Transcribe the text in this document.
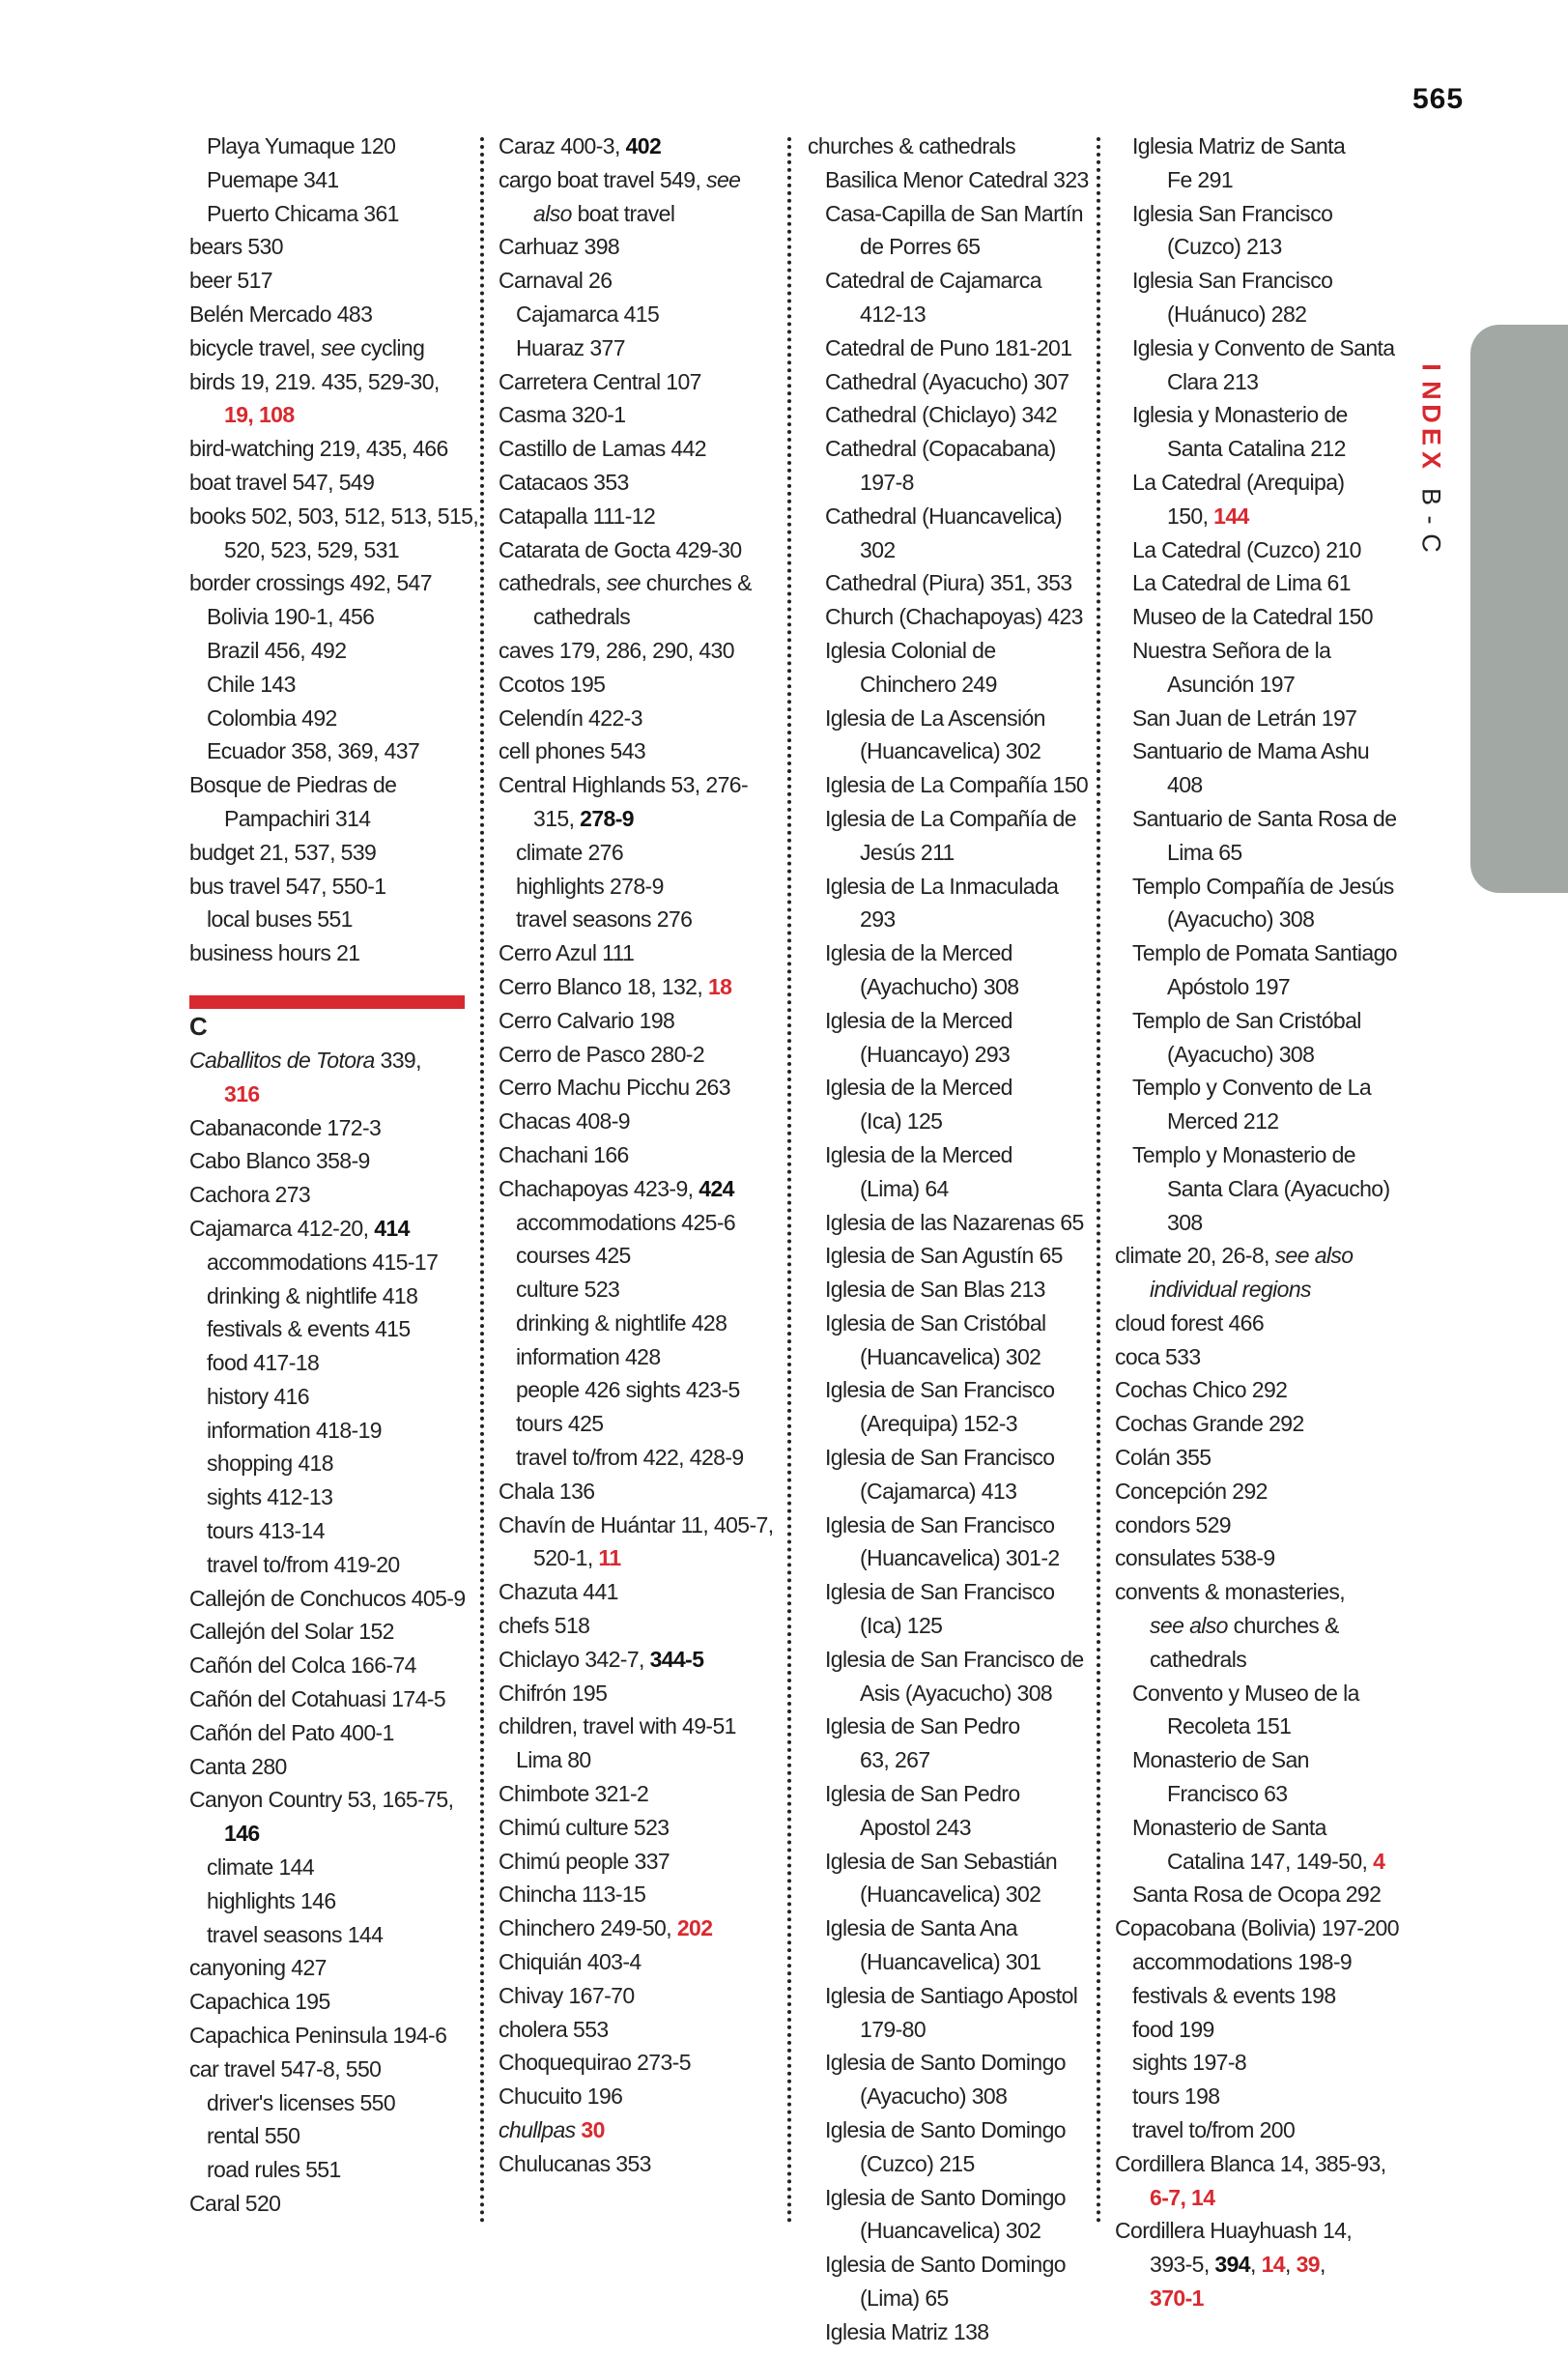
565
I
N
D
E
X
B
-
C
Playa Yumaque 120
Puemape 341
Puerto Chicama 361
bears 530
beer 517
Belén Mercado 483
bicycle travel, see cycling
birds 19, 219. 435, 529-30,
19, 108
bird-watching 219, 435, 466
boat travel 547, 549
books 502, 503, 512, 513, 515,
520, 523, 529, 531
border crossings 492, 547
Bolivia 190-1, 456
Brazil 456, 492
Chile 143
Colombia 492
Ecuador 358, 369, 437
Bosque de Piedras de
Pampachiri 314
budget 21, 537, 539
bus travel 547, 550-1
local buses 551
business hours 21
C
Caballitos de Totora 339,
316
Cabanaconde 172-3
Cabo Blanco 358-9
Cachora 273
Cajamarca 412-20, 414
accommodations 415-17
drinking & nightlife 418
festivals & events 415
food 417-18
history 416
information 418-19
shopping 418
sights 412-13
tours 413-14
travel to/from 419-20
Callejón de Conchucos 405-9
Callejón del Solar 152
Cañón del Colca 166-74
Cañón del Cotahuasi 174-5
Cañón del Pato 400-1
Canta 280
Canyon Country 53, 165-75,
146
climate 144
highlights 146
travel seasons 144
canyoning 427
Capachica 195
Capachica Peninsula 194-6
car travel 547-8, 550
driver's licenses 550
rental 550
road rules 551
Caral 520
Caraz 400-3, 402
cargo boat travel 549, see
also boat travel
Carhuaz 398
Carnaval 26
Cajamarca 415
Huaraz 377
Carretera Central 107
Casma 320-1
Castillo de Lamas 442
Catacaos 353
Catapalla 111-12
Catarata de Gocta 429-30
cathedrals, see churches &
cathedrals
caves 179, 286, 290, 430
Ccotos 195
Celendín 422-3
cell phones 543
Central Highlands 53, 276-
315, 278-9
climate 276
highlights 278-9
travel seasons 276
Cerro Azul 111
Cerro Blanco 18, 132, 18
Cerro Calvario 198
Cerro de Pasco 280-2
Cerro Machu Picchu 263
Chacas 408-9
Chachani 166
Chachapoyas 423-9, 424
accommodations 425-6
courses 425
culture 523
drinking & nightlife 428
information 428
people 426 sights 423-5
tours 425
travel to/from 422, 428-9
Chala 136
Chavín de Huántar 11, 405-7,
520-1, 11
Chazuta 441
chefs 518
Chiclayo 342-7, 344-5
Chifrón 195
children, travel with 49-51
Lima 80
Chimbote 321-2
Chimú culture 523
Chimú people 337
Chincha 113-15
Chinchero 249-50, 202
Chiquián 403-4
Chivay 167-70
cholera 553
Choquequirao 273-5
Chucuito 196
chullpas 30
Chulucanas 353
churches & cathedrals
Basilica Menor Catedral 323
Casa-Capilla de San Martín
de Porres 65
Catedral de Cajamarca
412-13
Catedral de Puno 181-201
Cathedral (Ayacucho) 307
Cathedral (Chiclayo) 342
Cathedral (Copacabana)
197-8
Cathedral (Huancavelica)
302
Cathedral (Piura) 351, 353
Church (Chachapoyas) 423
Iglesia Colonial de
Chinchero 249
Iglesia de La Ascensión
(Huancavelica) 302
Iglesia de La Compañía 150
Iglesia de La Compañía de
Jesús 211
Iglesia de La Inmaculada
293
Iglesia de la Merced
(Ayachucho) 308
Iglesia de la Merced
(Huancayo) 293
Iglesia de la Merced
(Ica) 125
Iglesia de la Merced
(Lima) 64
Iglesia de las Nazarenas 65
Iglesia de San Agustín 65
Iglesia de San Blas 213
Iglesia de San Cristóbal
(Huancavelica) 302
Iglesia de San Francisco
(Arequipa) 152-3
Iglesia de San Francisco
(Cajamarca) 413
Iglesia de San Francisco
(Huancavelica) 301-2
Iglesia de San Francisco
(Ica) 125
Iglesia de San Francisco de
Asis (Ayacucho) 308
Iglesia de San Pedro
63, 267
Iglesia de San Pedro
Apostol 243
Iglesia de San Sebastián
(Huancavelica) 302
Iglesia de Santa Ana
(Huancavelica) 301
Iglesia de Santiago Apostol
179-80
Iglesia de Santo Domingo
(Ayacucho) 308
Iglesia de Santo Domingo
(Cuzco) 215
Iglesia de Santo Domingo
(Huancavelica) 302
Iglesia de Santo Domingo
(Lima) 65
Iglesia Matriz 138
Iglesia Matriz de Santa
Fe 291
Iglesia San Francisco
(Cuzco) 213
Iglesia San Francisco
(Huánuco) 282
Iglesia y Convento de Santa
Clara 213
Iglesia y Monasterio de
Santa Catalina 212
La Catedral (Arequipa)
150, 144
La Catedral (Cuzco) 210
La Catedral de Lima 61
Museo de la Catedral 150
Nuestra Señora de la
Asunción 197
San Juan de Letrán 197
Santuario de Mama Ashu
408
Santuario de Santa Rosa de
Lima 65
Templo Compañía de Jesús
(Ayacucho) 308
Templo de Pomata Santiago
Apóstolo 197
Templo de San Cristóbal
(Ayacucho) 308
Templo y Convento de La
Merced 212
Templo y Monasterio de
Santa Clara (Ayacucho)
308
climate 20, 26-8, see also
individual regions
cloud forest 466
coca 533
Cochas Chico 292
Cochas Grande 292
Colán 355
Concepción 292
condors 529
consulates 538-9
convents & monasteries,
see also churches &
cathedrals
Convento y Museo de la
Recoleta 151
Monasterio de San
Francisco 63
Monasterio de Santa
Catalina 147, 149-50, 4
Santa Rosa de Ocopa 292
Copacobana (Bolivia) 197-200
accommodations 198-9
festivals & events 198
food 199
sights 197-8
tours 198
travel to/from 200
Cordillera Blanca 14, 385-93,
6-7, 14
Cordillera Huayhuash 14,
393-5, 394, 14, 39,
370-1
